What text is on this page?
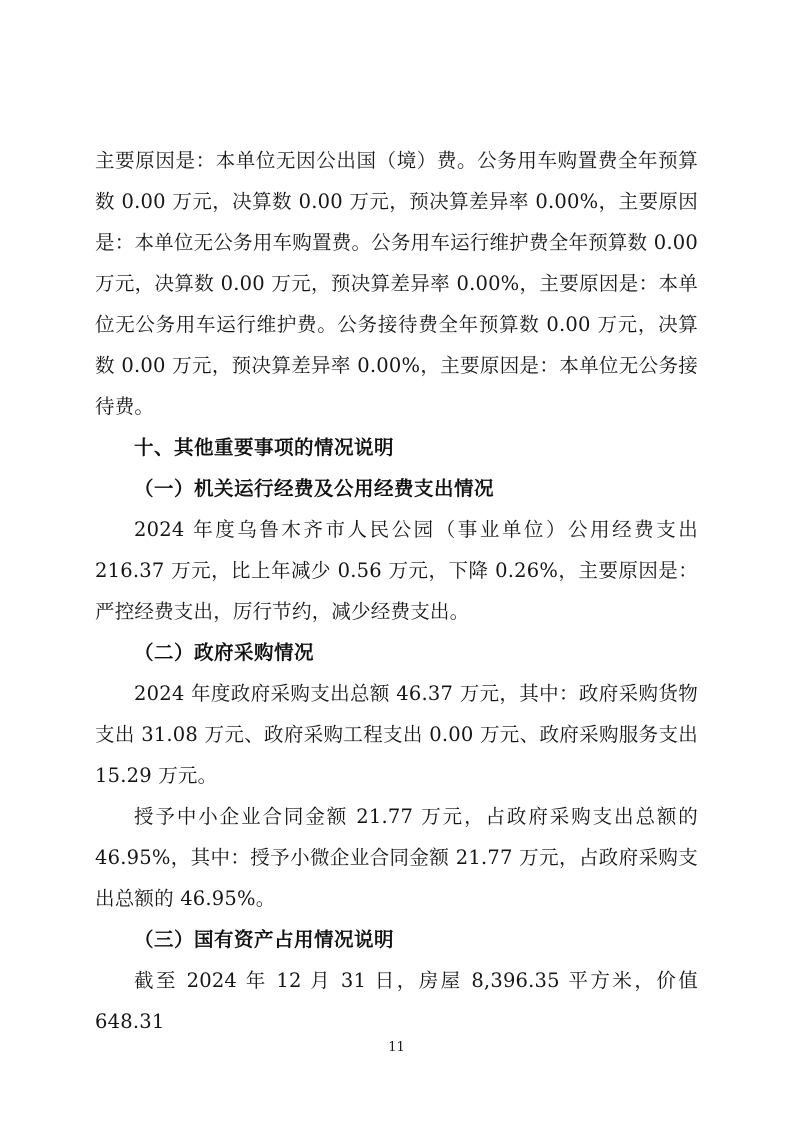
主要原因是：本单位无因公出国（境）费。公务用车购置费全年预算数 0.00 万元，决算数 0.00 万元，预决算差异率 0.00%，主要原因是：本单位无公务用车购置费。公务用车运行维护费全年预算数 0.00 万元，决算数 0.00 万元，预决算差异率 0.00%，主要原因是：本单位无公务用车运行维护费。公务接待费全年预算数 0.00 万元，决算数 0.00 万元，预决算差异率 0.00%，主要原因是：本单位无公务接待费。

十、其他重要事项的情况说明
（一）机关运行经费及公用经费支出情况

2024 年度乌鲁木齐市人民公园（事业单位）公用经费支出 216.37 万元，比上年减少 0.56 万元，下降 0.26%，主要原因是：严控经费支出，厉行节约，减少经费支出。

（二）政府采购情况

2024 年度政府采购支出总额 46.37 万元，其中：政府采购货物支出 31.08 万元、政府采购工程支出 0.00 万元、政府采购服务支出 15.29 万元。

授予中小企业合同金额 21.77 万元，占政府采购支出总额的 46.95%，其中：授予小微企业合同金额 21.77 万元，占政府采购支出总额的 46.95%。

（三）国有资产占用情况说明

截至 2024 年 12 月 31 日，房屋 8,396.35 平方米，价值 648.31

11
